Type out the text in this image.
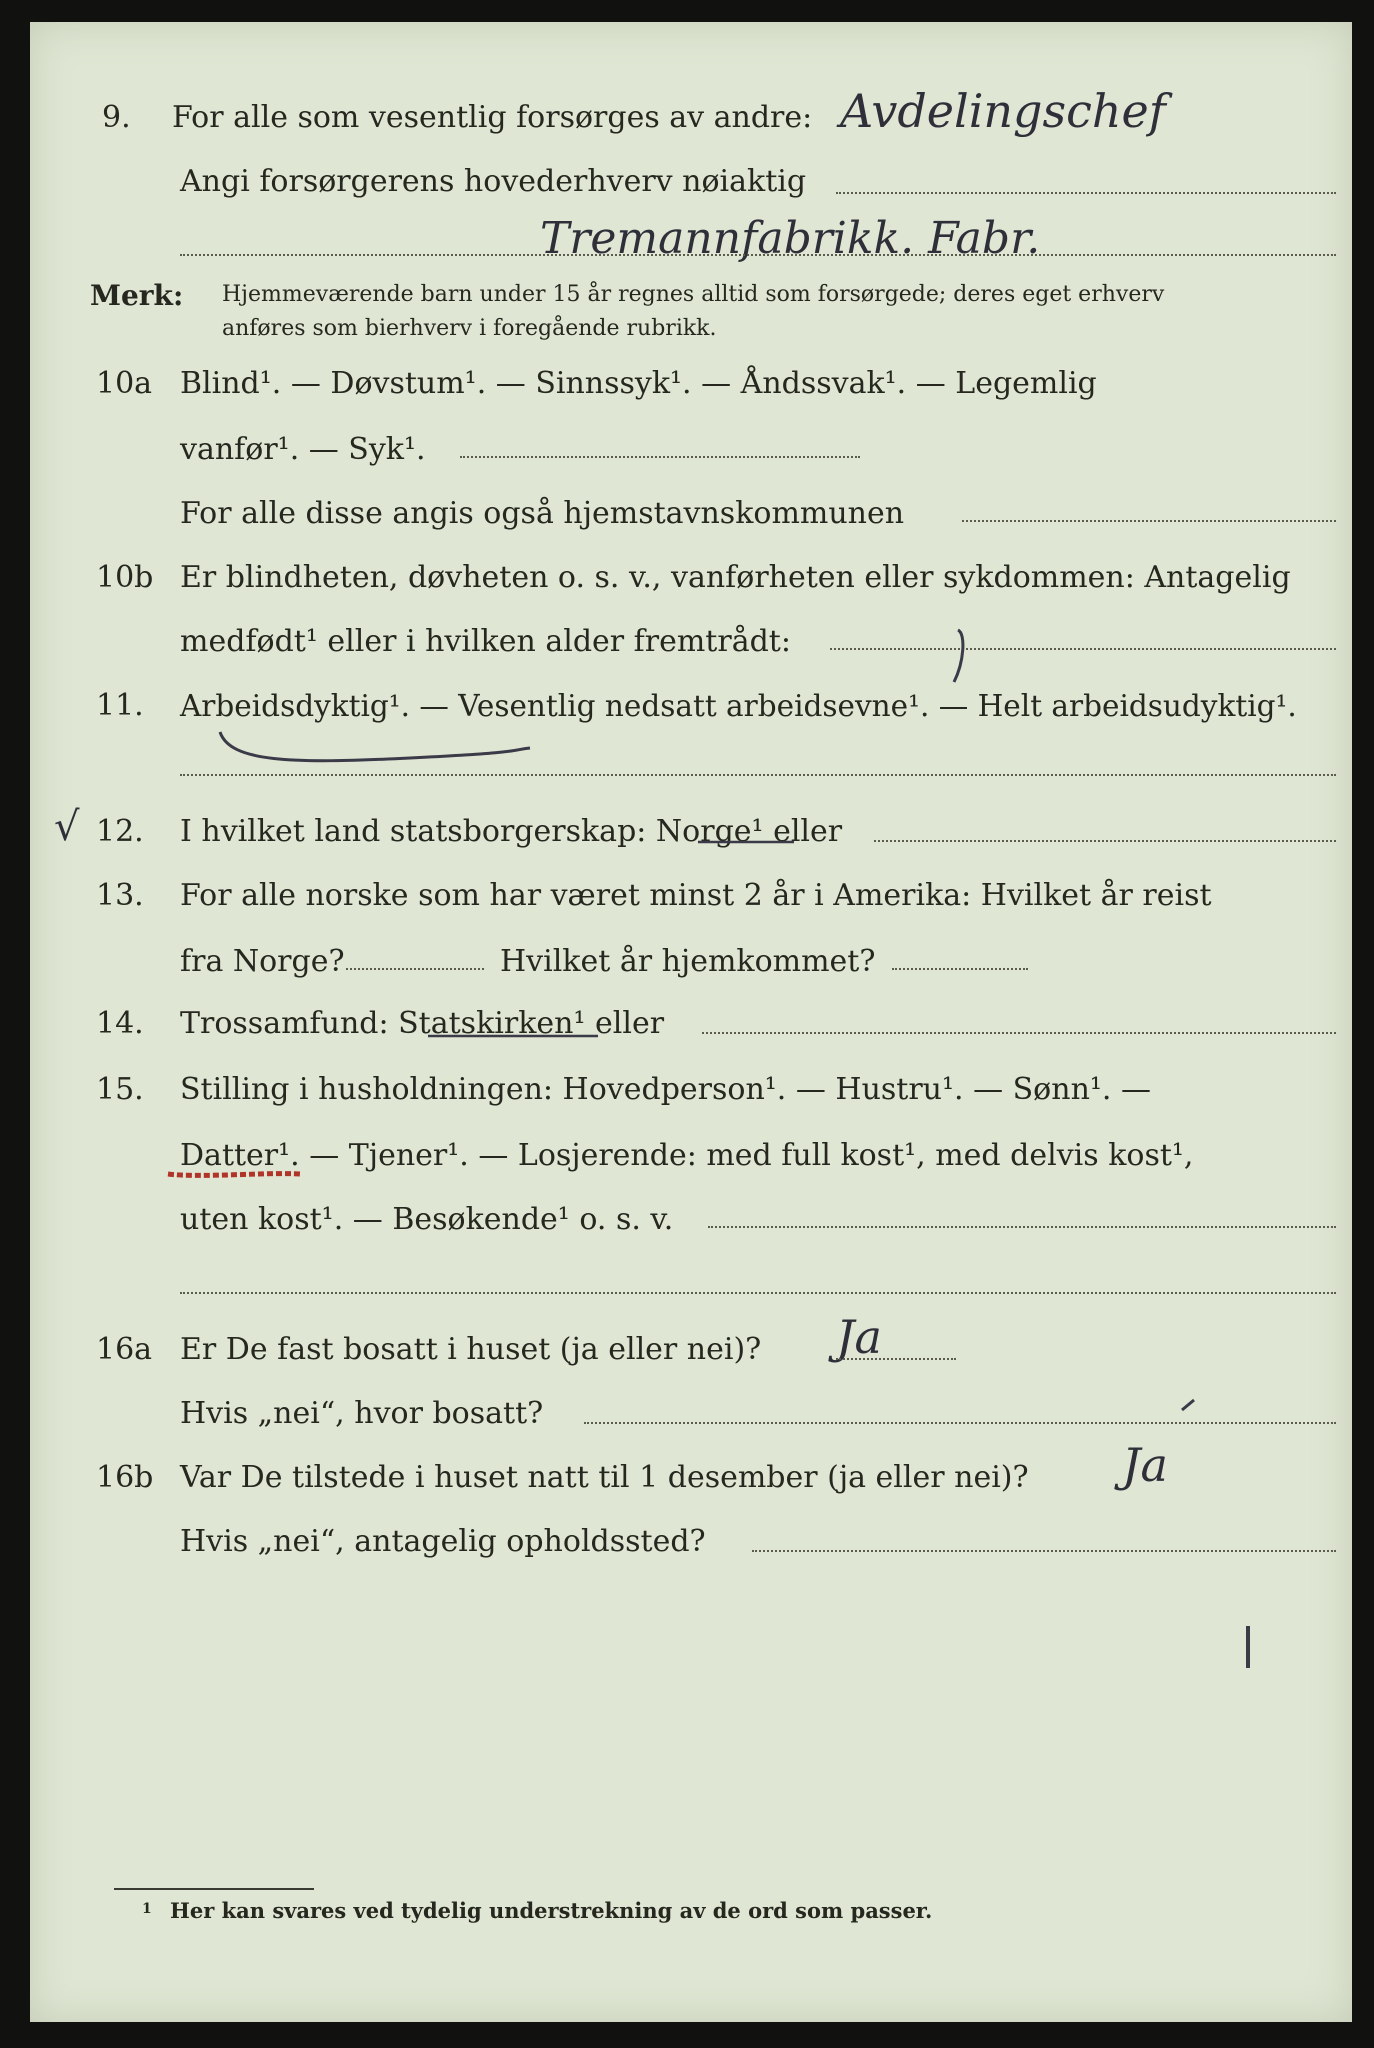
9. For alle som vesentlig forsørges av andre: Avdelingschef
Angi forsørgerens hovederhverv nøiaktig
Tremannfabrikk. Fabr.
Merk: Hjemmeværende barn under 15 år regnes alltid som forsørgede; deres eget erhverv
anføres som bierhverv i foregående rubrikk.
10a Blind¹. — Døvstum¹. — Sinnssyk¹. — Åndssvak¹. — Legemlig
vanfør¹. — Syk¹.
For alle disse angis også hjemstavnskommunen
10b Er blindheten, døvheten o. s. v., vanførheten eller sykdommen: Antagelig
medfødt¹ eller i hvilken alder fremtrådt:
11. Arbeidsdyktig¹. — Vesentlig nedsatt arbeidsevne¹. — Helt arbeidsudyktig¹.
√ 12. I hvilket land statsborgerskap: Norge¹ eller
13. For alle norske som har været minst 2 år i Amerika: Hvilket år reist
fra Norge?	Hvilket år hjemkommet?
14. Trossamfund: Statskirken¹ eller
15. Stilling i husholdningen: Hovedperson¹. — Hustru¹. — Sønn¹. —
Datter¹. — Tjener¹. — Losjerende: med full kost¹, med delvis kost¹,
uten kost¹. — Besøkende¹ o. s. v.
16a Er De fast bosatt i huset (ja eller nei)? Ja
Hvis „nei“, hvor bosatt?
16b Var De tilstede i huset natt til 1 desember (ja eller nei)? Ja
Hvis „nei“, antagelig opholdssted?
1 Her kan svares ved tydelig understrekning av de ord som passer.
